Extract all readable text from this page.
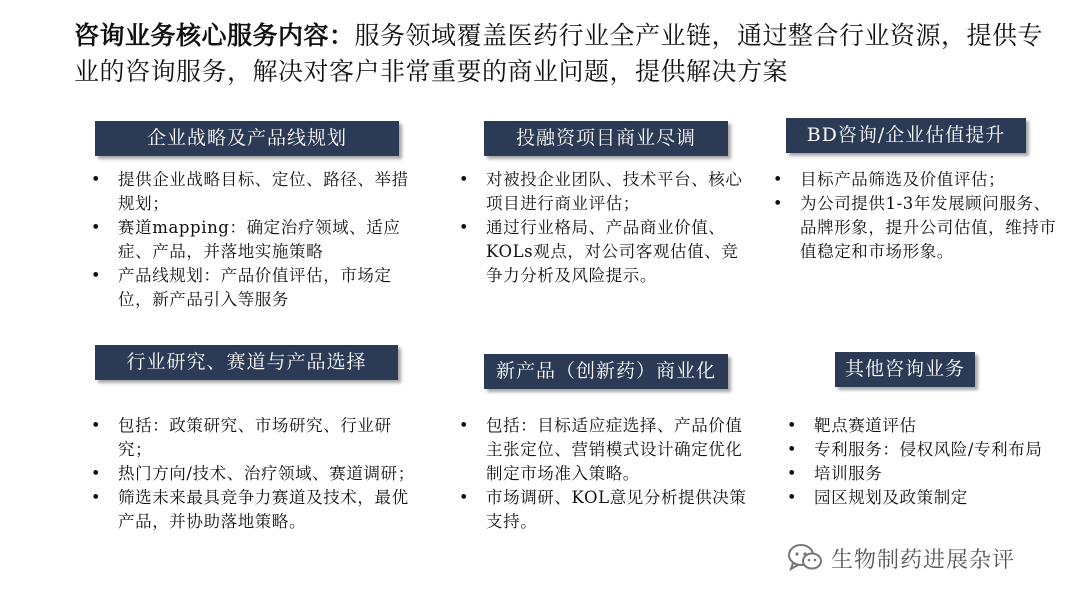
咨询业务核心服务内容：服务领域覆盖医药行业全产业链，通过整合行业资源，提供专业的咨询服务，解决对客户非常重要的商业问题，提供解决方案
企业战略及产品线规划
• 提供企业战略目标、定位、路径、举措规划；
• 赛道mapping：确定治疗领域、适应症、产品，并落地实施策略
• 产品线规划：产品价值评估，市场定位，新产品引入等服务
投融资项目商业尽调
• 对被投企业团队、技术平台、核心项目进行商业评估；
• 通过行业格局、产品商业价值、KOLs观点，对公司客观估值、竞争力分析及风险提示。
BD咨询/企业估值提升
• 目标产品筛选及价值评估；
• 为公司提供1-3年发展顾问服务、品牌形象，提升公司估值，维持市值稳定和市场形象。
行业研究、赛道与产品选择
• 包括：政策研究、市场研究、行业研究；
• 热门方向/技术、治疗领域、赛道调研；
• 筛选未来最具竞争力赛道及技术，最优产品，并协助落地策略。
新产品（创新药）商业化
• 包括：目标适应症选择、产品价值主张定位、营销模式设计确定优化制定市场准入策略。
• 市场调研、KOL意见分析提供决策支持。
其他咨询业务
• 靶点赛道评估
• 专利服务：侵权风险/专利布局
• 培训服务
• 园区规划及政策制定
生物制药进展杂评
